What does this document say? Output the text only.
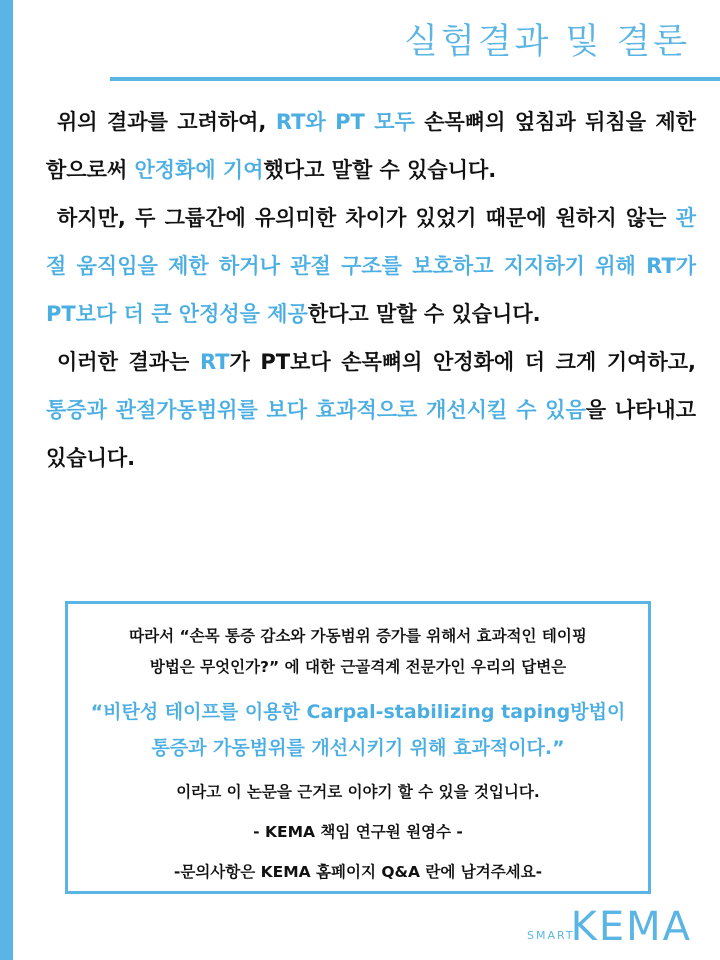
실험결과 및 결론

위의 결과를 고려하여, RT와 PT 모두 손목뼈의 엎침과 뒤침을 제한함으로써 안정화에 기여했다고 말할 수 있습니다.

하지만, 두 그룹간에 유의미한 차이가 있었기 때문에 원하지 않는 관절 움직임을 제한 하거나 관절 구조를 보호하고 지지하기 위해 RT가 PT보다 더 큰 안정성을 제공한다고 말할 수 있습니다.

이러한 결과는 RT가 PT보다 손목뼈의 안정화에 더 크게 기여하고, 통증과 관절가동범위를 보다 효과적으로 개선시킬 수 있음을 나타내고 있습니다.

따라서 “손목 통증 감소와 가동범위 증가를 위해서 효과적인 테이핑
방법은 무엇인가?” 에 대한 근골격계 전문가인 우리의 답변은
“비탄성 테이프를 이용한 Carpal-stabilizing taping방법이
통증과 가동범위를 개선시키기 위해 효과적이다.”
이라고 이 논문을 근거로 이야기 할 수 있을 것입니다.
- KEMA 책임 연구원 원영수 -
-문의사항은 KEMA 홈페이지 Q&A 란에 남겨주세요-
SMART
KEMA
